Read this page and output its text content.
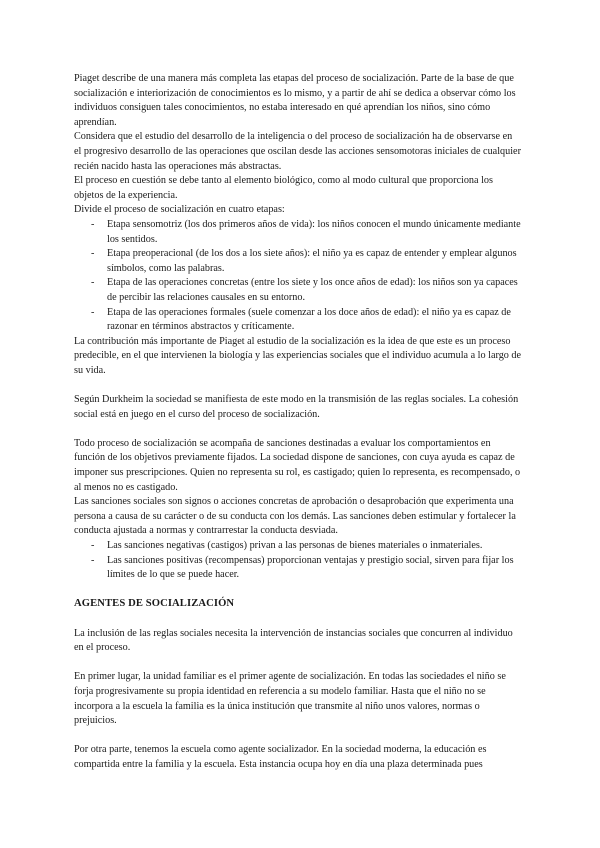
Piaget describe de una manera más completa las etapas del proceso de socialización. Parte de la base de que socialización e interiorización de conocimientos es lo mismo, y a partir de ahí se dedica a observar cómo los individuos consiguen tales conocimientos, no estaba interesado en qué aprendían los niños, sino cómo aprendían.

Considera que el estudio del desarrollo de la inteligencia o del proceso de socialización ha de observarse en el progresivo desarrollo de las operaciones que oscilan desde las acciones sensomotoras iniciales de cualquier recién nacido hasta las operaciones más abstractas.

El proceso en cuestión se debe tanto al elemento biológico, como al modo cultural que proporciona los objetos de la experiencia.

Divide el proceso de socialización en cuatro etapas:

- Etapa sensomotriz (los dos primeros años de vida): los niños conocen el mundo únicamente mediante los sentidos.
- Etapa preoperacional (de los dos a los siete años): el niño ya es capaz de entender y emplear algunos símbolos, como las palabras.
- Etapa de las operaciones concretas (entre los siete y los once años de edad): los niños son ya capaces de percibir las relaciones causales en su entorno.
- Etapa de las operaciones formales (suele comenzar a los doce años de edad): el niño ya es capaz de razonar en términos abstractos y críticamente.

La contribución más importante de Piaget al estudio de la socialización es la idea de que este es un proceso predecible, en el que intervienen la biología y las experiencias sociales que el individuo acumula a lo largo de su vida.

Según Durkheim la sociedad se manifiesta de este modo en la transmisión de las reglas sociales. La cohesión social está en juego en el curso del proceso de socialización.

Todo proceso de socialización se acompaña de sanciones destinadas a evaluar los comportamientos en función de los objetivos previamente fijados. La sociedad dispone de sanciones, con cuya ayuda es capaz de imponer sus prescripciones. Quien no representa su rol, es castigado; quien lo representa, es recompensado, o al menos no es castigado.

Las sanciones sociales son signos o acciones concretas de aprobación o desaprobación que experimenta una persona a causa de su carácter o de su conducta con los demás. Las sanciones deben estimular y fortalecer la conducta ajustada a normas y contrarrestar la conducta desviada.

- Las sanciones negativas (castigos) privan a las personas de bienes materiales o inmateriales.
- Las sanciones positivas (recompensas) proporcionan ventajas y prestigio social, sirven para fijar los límites de lo que se puede hacer.
AGENTES DE SOCIALIZACIÓN

La inclusión de las reglas sociales necesita la intervención de instancias sociales que concurren al individuo en el proceso.

En primer lugar, la unidad familiar es el primer agente de socialización. En todas las sociedades el niño se forja progresivamente su propia identidad en referencia a su modelo familiar. Hasta que el niño no se incorpora a la escuela la familia es la única institución que transmite al niño unos valores, normas o prejuicios.

Por otra parte, tenemos la escuela como agente socializador. En la sociedad moderna, la educación es compartida entre la familia y la escuela. Esta instancia ocupa hoy en día una plaza determinada pues
